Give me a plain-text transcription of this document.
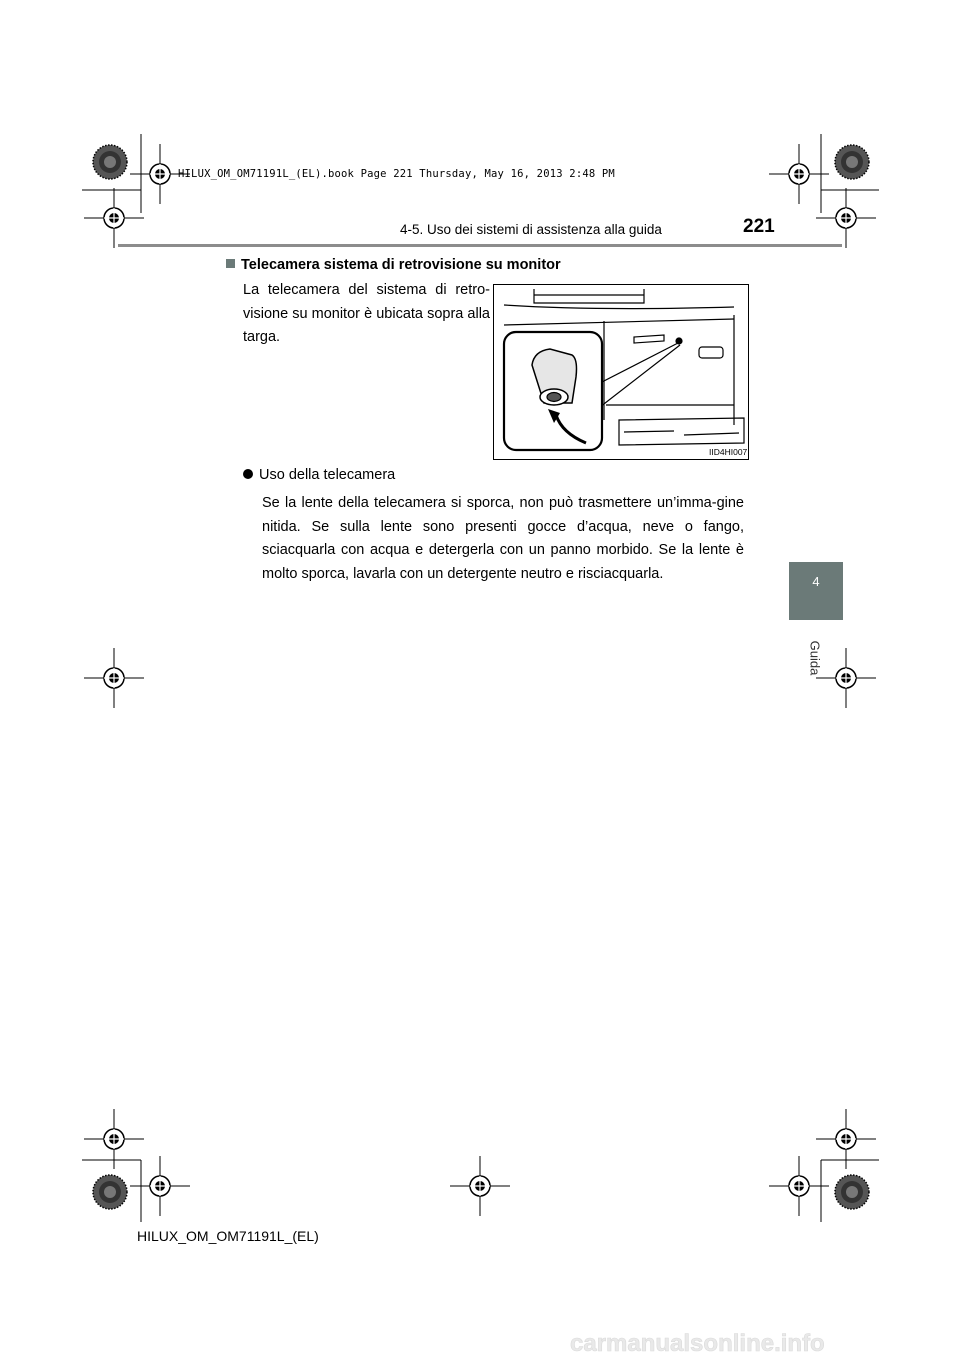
HILUX_OM_OM71191L_(EL).book Page 221 Thursday, May 16, 2013 2:48 PM
4-5. Uso dei sistemi di assistenza alla guida	221
4
Guida
Telecamera sistema di retrovisione su monitor
La telecamera del sistema di retro-visione su monitor è ubicata sopra alla targa.
IID4HI007
Uso della telecamera
Se la lente della telecamera si sporca, non può trasmettere un’imma-gine nitida. Se sulla lente sono presenti gocce d’acqua, neve o fango, sciacquarla con acqua e detergerla con un panno morbido. Se la lente è molto sporca, lavarla con un detergente neutro e risciacquarla.
HILUX_OM_OM71191L_(EL)
carmanualsonline.info
